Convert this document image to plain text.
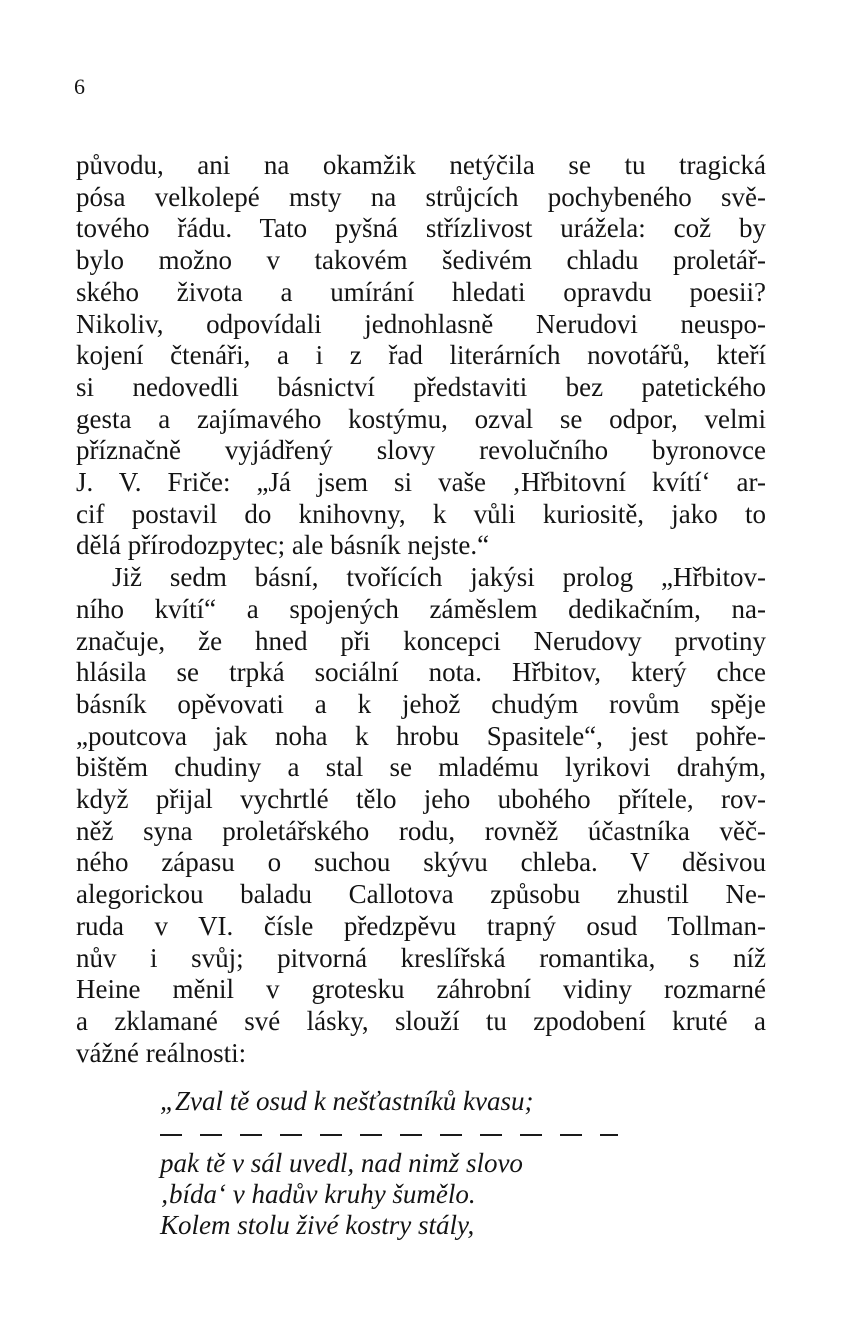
6
původu, ani na okamžik netýčila se tu tragická
pósa velkolepé msty na strůjcích pochybeného svě-
tového řádu. Tato pyšná střízlivost urážela: což by
bylo možno v takovém šedivém chladu proletář-
ského života a umírání hledati opravdu poesii?
Nikoliv, odpovídali jednohlasně Nerudovi neuspo-
kojení čtenáři, a i z řad literárních novotářů, kteří
si nedovedli básnictví představiti bez patetického
gesta a zajímavého kostýmu, ozval se odpor, velmi
příznačně vyjádřený slovy revolučního byronovce
J. V. Friče: „Já jsem si vaše ‚Hřbitovní kvítí‘ ar-
cif postavil do knihovny, k vůli kuriositě, jako to
dělá přírodozpytec; ale básník nejste.“
Již sedm básní, tvořících jakýsi prolog „Hřbitov-
ního kvítí“ a spojených záměslem dedikačním, na-
značuje, že hned při koncepci Nerudovy prvotiny
hlásila se trpká sociální nota. Hřbitov, který chce
básník opěvovati a k jehož chudým rovům spěje
„poutcova jak noha k hrobu Spasitele“, jest pohře-
bištěm chudiny a stal se mladému lyrikovi drahým,
když přijal vychrtlé tělo jeho ubohého přítele, rov-
něž syna proletářského rodu, rovněž účastníka věč-
ného zápasu o suchou skývu chleba. V děsivou
alegorickou baladu Callotova způsobu zhustil Ne-
ruda v VI. čísle předzpěvu trapný osud Tollman-
nův i svůj; pitvorná kreslířská romantika, s níž
Heine měnil v grotesku záhrobní vidiny rozmarné
a zklamané své lásky, slouží tu zpodobení kruté a
vážné reálnosti:
„Zval tě osud k nešťastníků kvasu;
pak tě v sál uvedl, nad nimž slovo
‚bída‘ v hadův kruhy šumělo.
Kolem stolu živé kostry stály,
